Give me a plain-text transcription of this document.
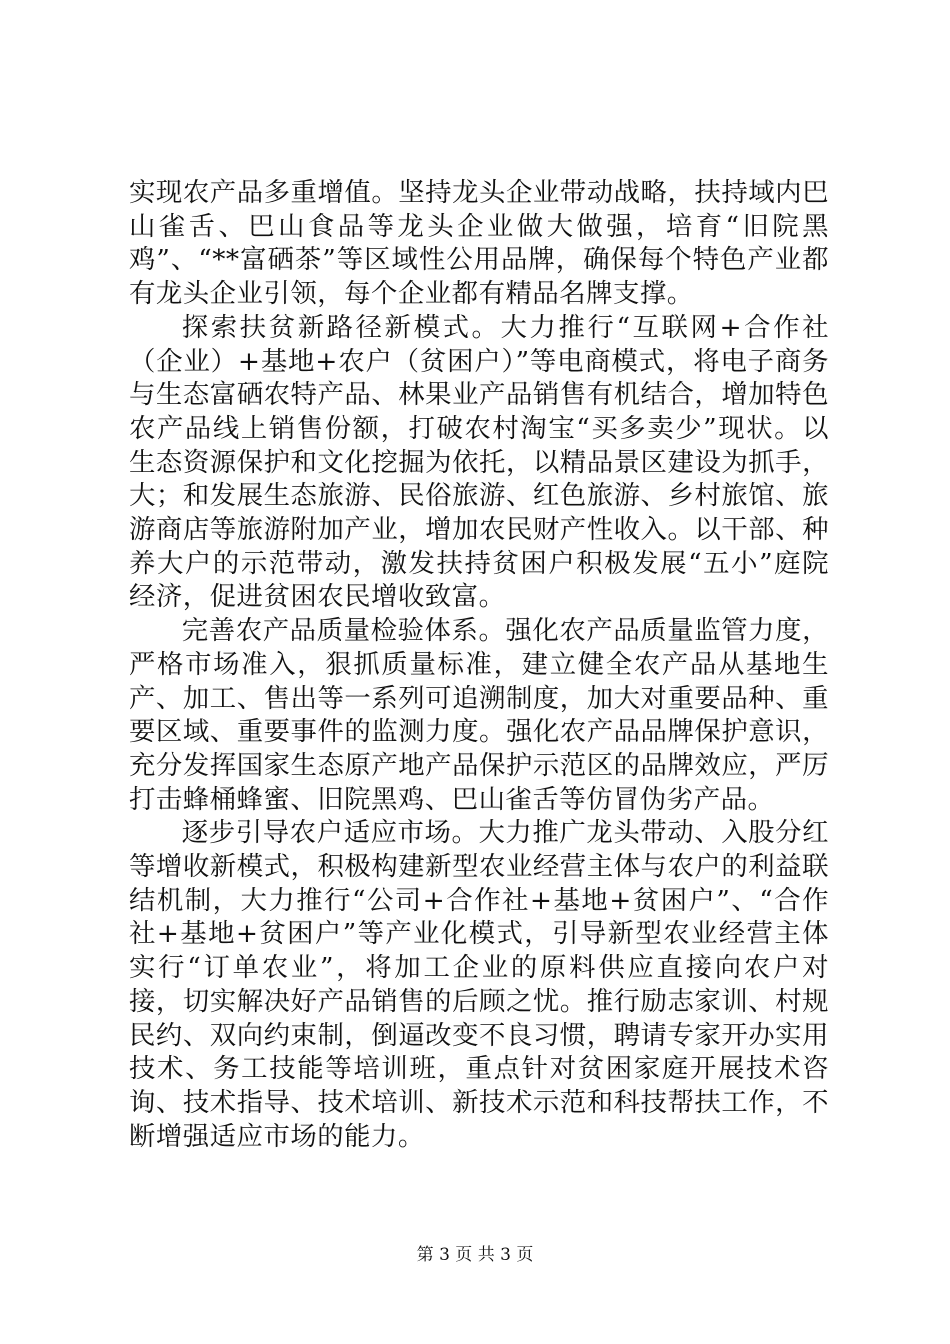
实现农产品多重增值。坚持龙头企业带动战略，扶持域内巴山雀舌、巴山食品等龙头企业做大做强，培育“旧院黑鸡”、“**富硒茶”等区域性公用品牌，确保每个特色产业都有龙头企业引领，每个企业都有精品名牌支撑。

探索扶贫新路径新模式。大力推行“互联网+合作社（企业）+基地+农户（贫困户）”等电商模式，将电子商务与生态富硒农特产品、林果业产品销售有机结合，增加特色农产品线上销售份额，打破农村淘宝“买多卖少”现状。以生态资源保护和文化挖掘为依托，以精品景区建设为抓手，大；和发展生态旅游、民俗旅游、红色旅游、乡村旅馆、旅游商店等旅游附加产业，增加农民财产性收入。以干部、种养大户的示范带动，激发扶持贫困户积极发展“五小”庭院经济，促进贫困农民增收致富。

完善农产品质量检验体系。强化农产品质量监管力度，严格市场准入，狠抓质量标准，建立健全农产品从基地生产、加工、售出等一系列可追溯制度，加大对重要品种、重要区域、重要事件的监测力度。强化农产品品牌保护意识，充分发挥国家生态原产地产品保护示范区的品牌效应，严厉打击蜂桶蜂蜜、旧院黑鸡、巴山雀舌等仿冒伪劣产品。

逐步引导农户适应市场。大力推广龙头带动、入股分红等增收新模式，积极构建新型农业经营主体与农户的利益联结机制，大力推行“公司+合作社+基地+贫困户”、“合作社+基地+贫困户”等产业化模式，引导新型农业经营主体实行“订单农业”，将加工企业的原料供应直接向农户对接，切实解决好产品销售的后顾之忧。推行励志家训、村规民约、双向约束制，倒逼改变不良习惯，聘请专家开办实用技术、务工技能等培训班，重点针对贫困家庭开展技术咨询、技术指导、技术培训、新技术示范和科技帮扶工作，不断增强适应市场的能力。

第 3 页 共 3 页
